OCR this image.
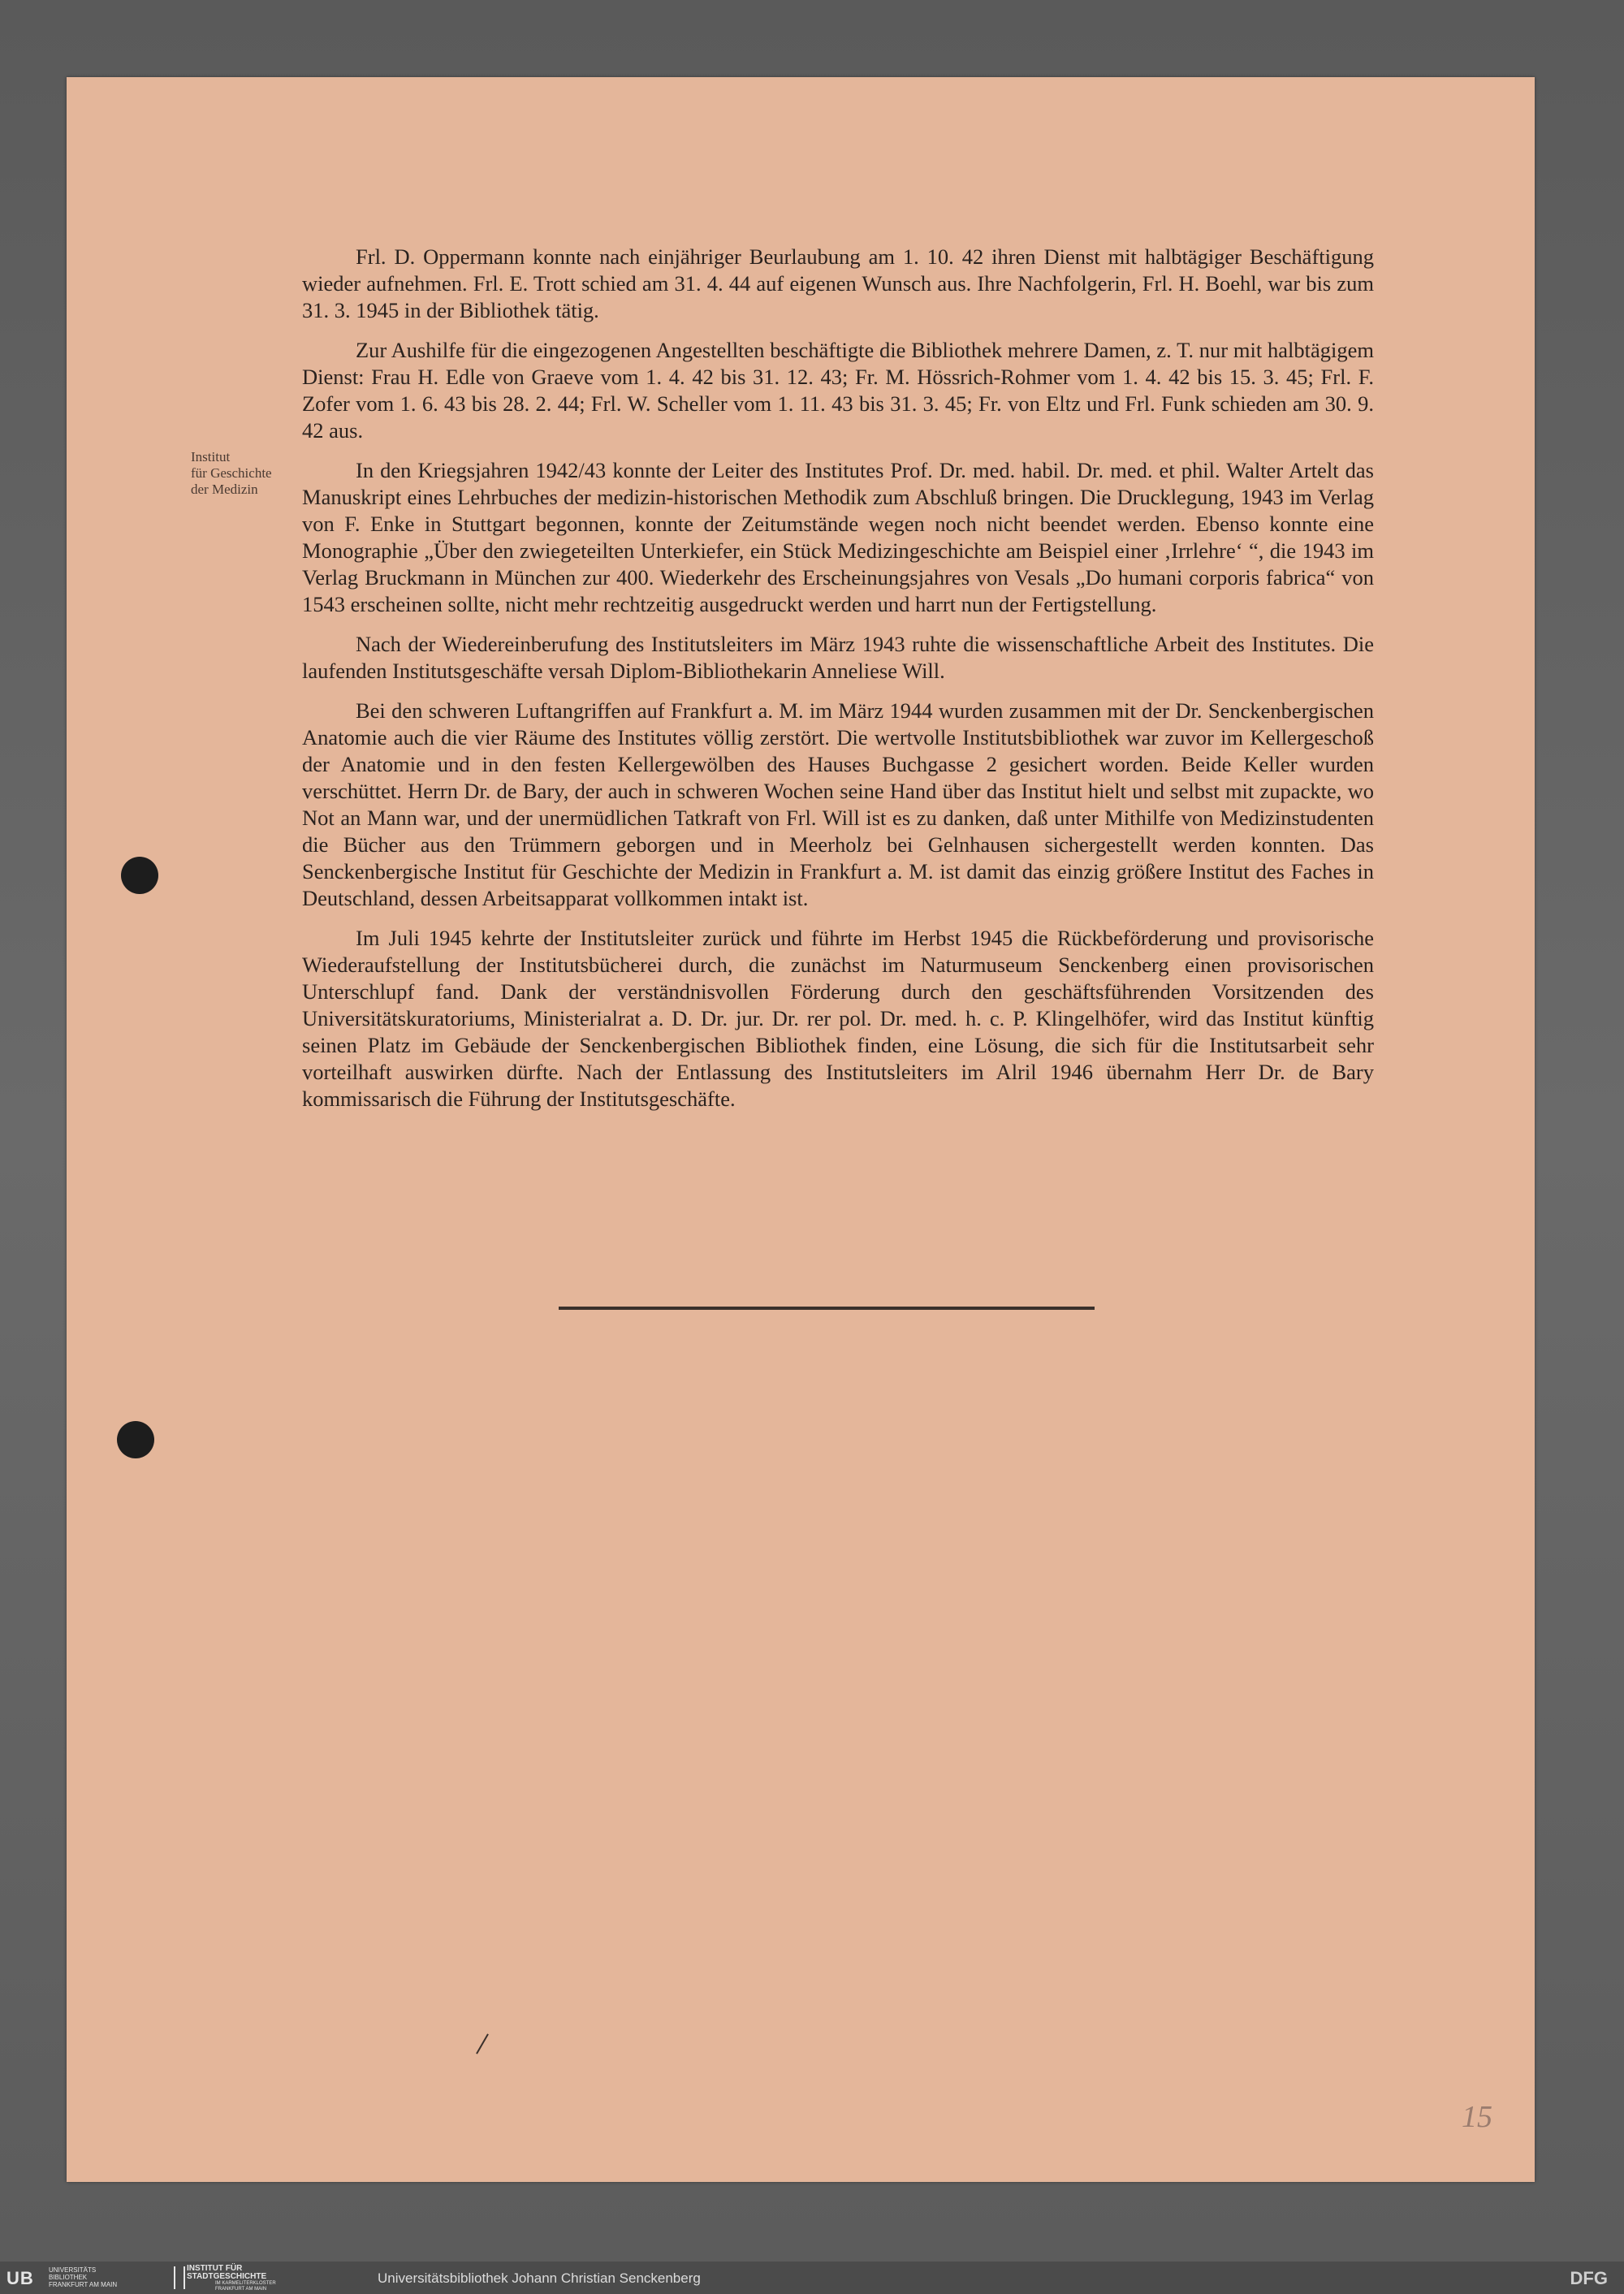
Institut
für Geschichte
der Medizin

Frl. D. Oppermann konnte nach einjähriger Beurlaubung am 1. 10. 42 ihren Dienst mit halbtägiger Beschäftigung wieder aufnehmen. Frl. E. Trott schied am 31. 4. 44 auf eigenen Wunsch aus. Ihre Nachfolgerin, Frl. H. Boehl, war bis zum 31. 3. 1945 in der Bibliothek tätig.

Zur Aushilfe für die eingezogenen Angestellten beschäftigte die Bibliothek mehrere Damen, z. T. nur mit halbtägigem Dienst: Frau H. Edle von Graeve vom 1. 4. 42 bis 31. 12. 43; Fr. M. Hössrich-Rohmer vom 1. 4. 42 bis 15. 3. 45; Frl. F. Zofer vom 1. 6. 43 bis 28. 2. 44; Frl. W. Scheller vom 1. 11. 43 bis 31. 3. 45; Fr. von Eltz und Frl. Funk schieden am 30. 9. 42 aus.

In den Kriegsjahren 1942/43 konnte der Leiter des Institutes Prof. Dr. med. habil. Dr. med. et phil. Walter Artelt das Manuskript eines Lehrbuches der medizin-historischen Methodik zum Abschluß bringen. Die Drucklegung, 1943 im Verlag von F. Enke in Stuttgart begonnen, konnte der Zeitumstände wegen noch nicht beendet werden. Ebenso konnte eine Monographie „Über den zwiegeteilten Unterkiefer, ein Stück Medizingeschichte am Beispiel einer ‚Irrlehre‘ “, die 1943 im Verlag Bruckmann in München zur 400. Wiederkehr des Erscheinungsjahres von Vesals „Do humani corporis fabrica“ von 1543 erscheinen sollte, nicht mehr rechtzeitig ausgedruckt werden und harrt nun der Fertigstellung.

Nach der Wiedereinberufung des Institutsleiters im März 1943 ruhte die wissenschaftliche Arbeit des Institutes. Die laufenden Institutsgeschäfte versah Diplom-Bibliothekarin Anneliese Will.

Bei den schweren Luftangriffen auf Frankfurt a. M. im März 1944 wurden zusammen mit der Dr. Senckenbergischen Anatomie auch die vier Räume des Institutes völlig zerstört. Die wertvolle Institutsbibliothek war zuvor im Kellergeschoß der Anatomie und in den festen Kellergewölben des Hauses Buchgasse 2 gesichert worden. Beide Keller wurden verschüttet. Herrn Dr. de Bary, der auch in schweren Wochen seine Hand über das Institut hielt und selbst mit zupackte, wo Not an Mann war, und der unermüdlichen Tatkraft von Frl. Will ist es zu danken, daß unter Mithilfe von Medizinstudenten die Bücher aus den Trümmern geborgen und in Meerholz bei Gelnhausen sichergestellt werden konnten. Das Senckenbergische Institut für Geschichte der Medizin in Frankfurt a. M. ist damit das einzig größere Institut des Faches in Deutschland, dessen Arbeitsapparat vollkommen intakt ist.

Im Juli 1945 kehrte der Institutsleiter zurück und führte im Herbst 1945 die Rückbeförderung und provisorische Wiederaufstellung der Institutsbücherei durch, die zunächst im Naturmuseum Senckenberg einen provisorischen Unterschlupf fand. Dank der verständnisvollen Förderung durch den geschäftsführenden Vorsitzenden des Universitätskuratoriums, Ministerialrat a. D. Dr. jur. Dr. rer pol. Dr. med. h. c. P. Klingelhöfer, wird das Institut künftig seinen Platz im Gebäude der Senckenbergischen Bibliothek finden, eine Lösung, die sich für die Institutsarbeit sehr vorteilhaft auswirken dürfte. Nach der Entlassung des Institutsleiters im Alril 1946 übernahm Herr Dr. de Bary kommissarisch die Führung der Institutsgeschäfte.

15
UB UNIVERSITÄTS
BIBLIOTHEK
FRANKFURT AM MAIN
INSTITUT FÜR
STADTGESCHICHTE
IM KARMELITERKLOSTER
FRANKFURT AM MAIN
Universitätsbibliothek Johann Christian Senckenberg	DFG
